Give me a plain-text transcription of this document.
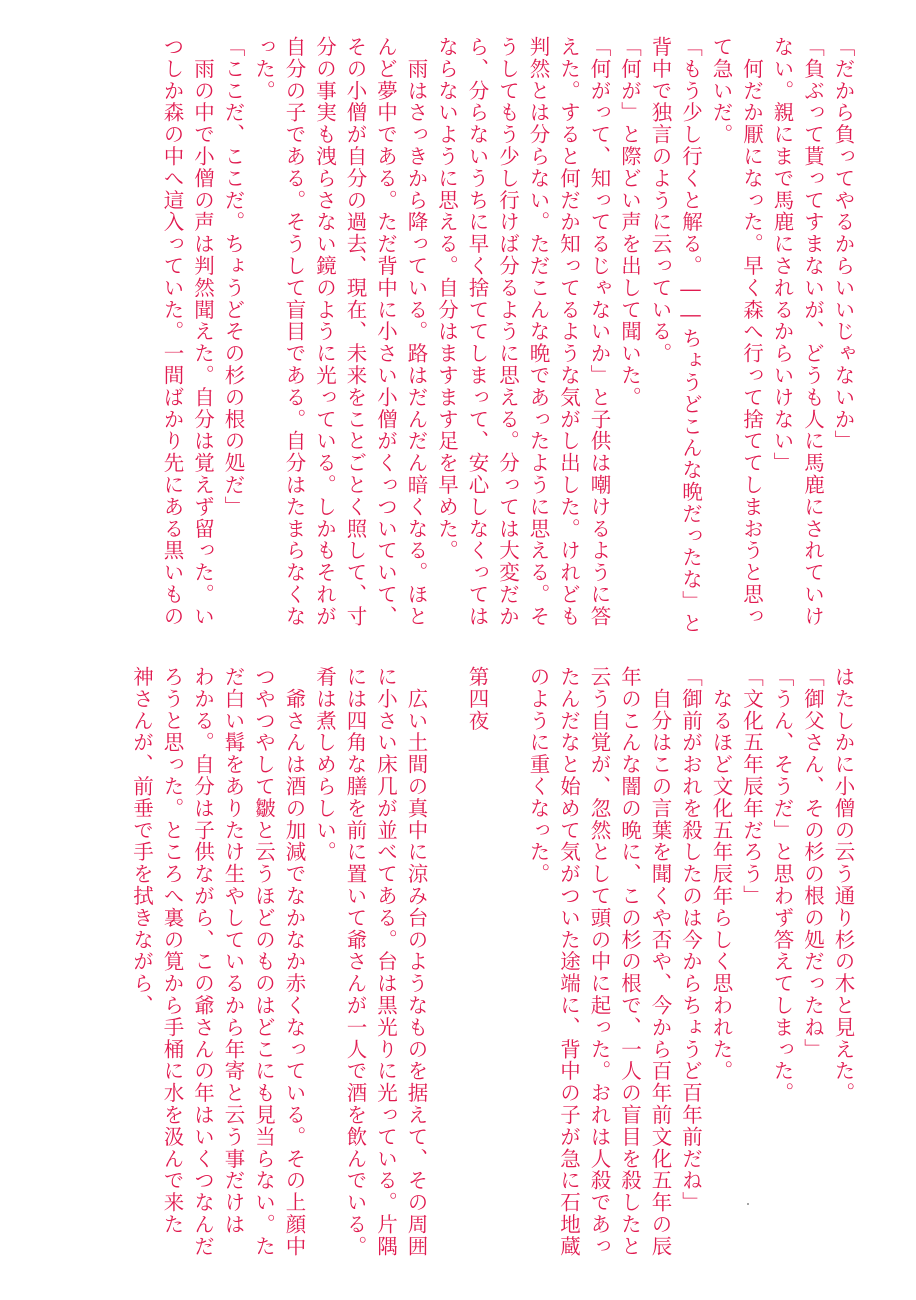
「だから負ってやるからいいじゃないか」
「負ぶって貰ってすまないが、どうも人に馬鹿にされていけ
ない。親にまで馬鹿にされるからいけない」
　何だか厭になった。早く森へ行って捨ててしまおうと思っ
て急いだ。
「もう少し行くと解る。――ちょうどこんな晩だったな」と
背中で独言のように云っている。
「何が」と際どい声を出して聞いた。
「何がって、知ってるじゃないか」と子供は嘲けるように答
えた。すると何だか知ってるような気がし出した。けれども
判然とは分らない。ただこんな晩であったように思える。そ
うしてもう少し行けば分るように思える。分っては大変だか
ら、分らないうちに早く捨ててしまって、安心しなくっては
ならないように思える。自分はますます足を早めた。
　雨はさっきから降っている。路はだんだん暗くなる。ほと
んど夢中である。ただ背中に小さい小僧がくっついていて、
その小僧が自分の過去、現在、未来をことごとく照して、寸
分の事実も洩らさない鏡のように光っている。しかもそれが
自分の子である。そうして盲目である。自分はたまらなくな
った。
「ここだ、ここだ。ちょうどその杉の根の処だ」
　雨の中で小僧の声は判然聞えた。自分は覚えず留った。い
つしか森の中へ這入っていた。一間ばかり先にある黒いもの
はたしかに小僧の云う通り杉の木と見えた。
「御父さん、その杉の根の処だったね」
「うん、そうだ」と思わず答えてしまった。
「文化五年辰年だろう」
　なるほど文化五年辰年らしく思われた。
「御前がおれを殺したのは今からちょうど百年前だね」
　自分はこの言葉を聞くや否や、今から百年前文化五年の辰
年のこんな闇の晩に、この杉の根で、一人の盲目を殺したと
云う自覚が、忽然として頭の中に起った。おれは人殺であっ
たんだなと始めて気がついた途端に、背中の子が急に石地蔵
のように重くなった。

第四夜

　広い土間の真中に涼み台のようなものを据えて、その周囲
に小さい床几が並べてある。台は黒光りに光っている。片隅
には四角な膳を前に置いて爺さんが一人で酒を飲んでいる。
肴は煮しめらしい。
　爺さんは酒の加減でなかなか赤くなっている。その上顔中
つやつやして皺と云うほどのものはどこにも見当らない。た
だ白い髯をありたけ生やしているから年寄と云う事だけは
わかる。自分は子供ながら、この爺さんの年はいくつなんだ
ろうと思った。ところへ裏の筧から手桶に水を汲んで来た
神さんが、前垂で手を拭きながら、
